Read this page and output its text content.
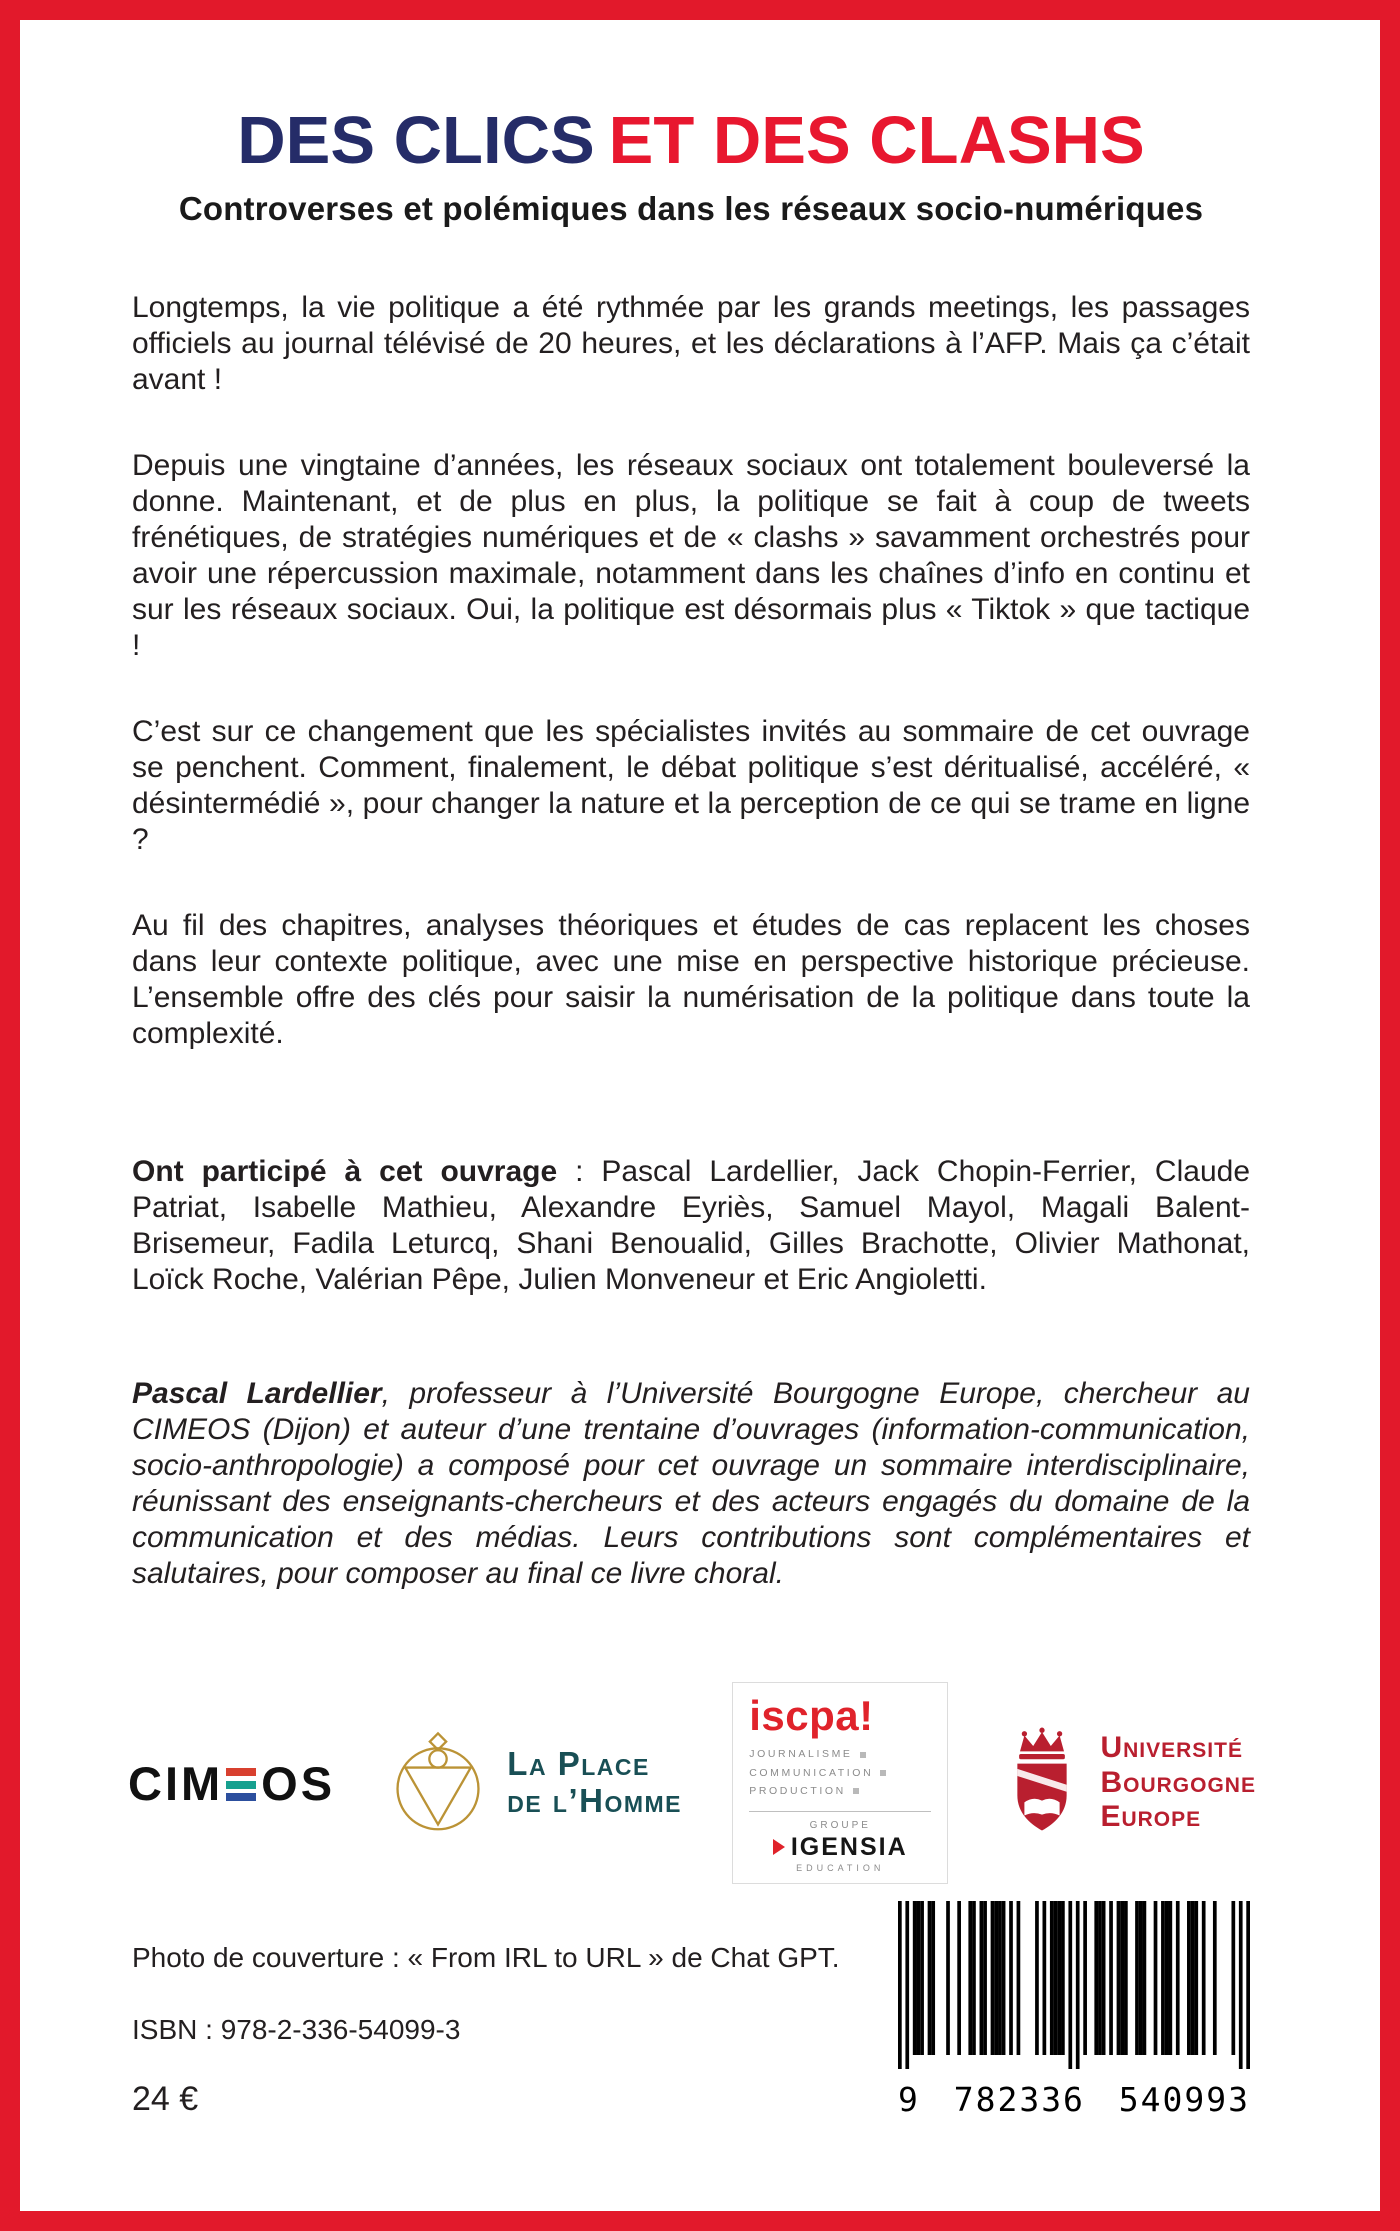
DES CLICS ET DES CLASHS
Controverses et polémiques dans les réseaux socio-numériques

Longtemps, la vie politique a été rythmée par les grands meetings, les passages officiels au journal télévisé de 20 heures, et les déclarations à l’AFP. Mais ça c’était avant !

Depuis une vingtaine d’années, les réseaux sociaux ont totalement bouleversé la donne. Maintenant, et de plus en plus, la politique se fait à coup de tweets frénétiques, de stratégies numériques et de « clashs » savamment orchestrés pour avoir une répercussion maximale, notamment dans les chaînes d’info en continu et sur les réseaux sociaux. Oui, la politique est désormais plus « Tiktok » que tactique !

C’est sur ce changement que les spécialistes invités au sommaire de cet ouvrage se penchent. Comment, finalement, le débat politique s’est déritualisé, accéléré, « désintermédié », pour changer la nature et la perception de ce qui se trame en ligne ?

Au fil des chapitres, analyses théoriques et études de cas replacent les choses dans leur contexte politique, avec une mise en perspective historique précieuse. L’ensemble offre des clés pour saisir la numérisation de la politique dans toute la complexité.

Ont participé à cet ouvrage : Pascal Lardellier, Jack Chopin-Ferrier, Claude Patriat, Isabelle Mathieu, Alexandre Eyriès, Samuel Mayol, Magali Balent-Brisemeur, Fadila Leturcq, Shani Benoualid, Gilles Brachotte, Olivier Mathonat, Loïck Roche, Valérian Pêpe, Julien Monveneur et Eric Angioletti.

Pascal Lardellier, professeur à l’Université Bourgogne Europe, chercheur au CIMEOS (Dijon) et auteur d’une trentaine d’ouvrages (information-communication, socio-anthropologie) a composé pour cet ouvrage un sommaire interdisciplinaire, réunissant des enseignants-chercheurs et des acteurs engagés du domaine de la communication et des médias. Leurs contributions sont complémentaires et salutaires, pour composer au final ce livre choral.

CIM OS	La Place
de l’Homme
iscpa!
JOURNALISME
COMMUNICATION
PRODUCTION
GROUPE
IGENSIA
EDUCATION
Université
Bourgogne
Europe

Photo de couverture : « From IRL to URL » de Chat GPT.

ISBN : 978-2-336-54099-3

24 €	9 782336 540993
